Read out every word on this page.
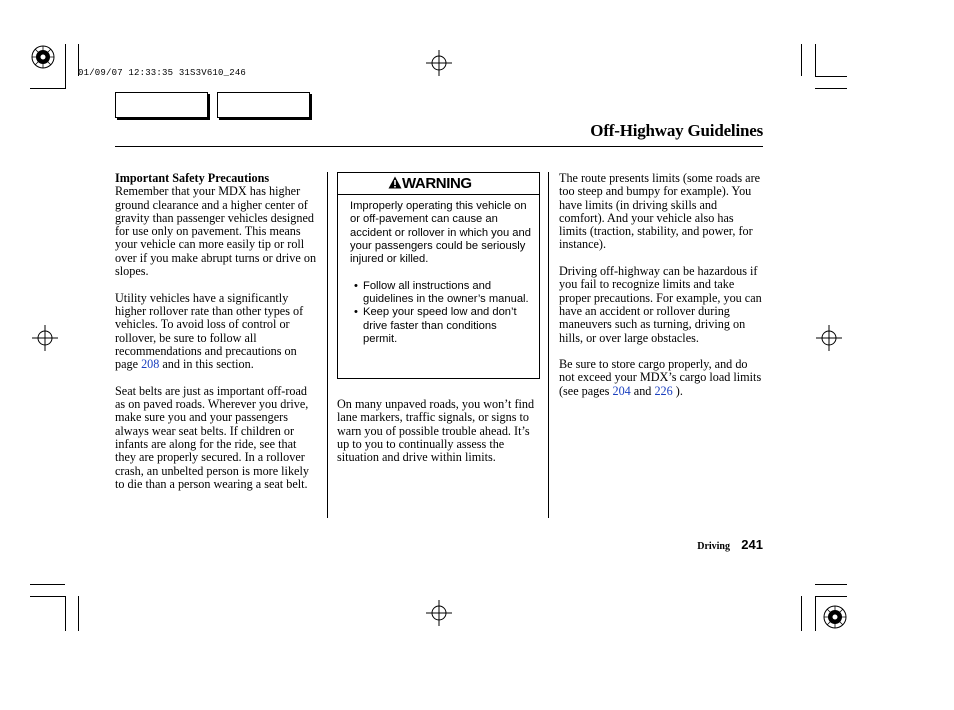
01/09/07 12:33:35 31S3V610_246
Off-Highway Guidelines
Important Safety Precautions

Remember that your MDX has higher ground clearance and a higher center of gravity than passenger vehicles designed for use only on pavement. This means your vehicle can more easily tip or roll over if you make abrupt turns or drive on slopes.

Utility vehicles have a significantly higher rollover rate than other types of vehicles. To avoid loss of control or rollover, be sure to follow all recommendations and precautions on page 208 and in this section.

Seat belts are just as important off-road as on paved roads. Wherever you drive, make sure you and your passengers always wear seat belts. If children or infants are along for the ride, see that they are properly secured. In a rollover crash, an unbelted person is more likely to die than a person wearing a seat belt.

WARNING

Improperly operating this vehicle on or off-pavement can cause an accident or rollover in which you and your passengers could be seriously injured or killed.

• Follow all instructions and guidelines in the owner’s manual.
• Keep your speed low and don’t drive faster than conditions permit.

On many unpaved roads, you won’t find lane markers, traffic signals, or signs to warn you of possible trouble ahead. It’s up to you to continually assess the situation and drive within limits.

The route presents limits (some roads are too steep and bumpy for example). You have limits (in driving skills and comfort). And your vehicle also has limits (traction, stability, and power, for instance).

Driving off-highway can be hazardous if you fail to recognize limits and take proper precautions. For example, you can have an accident or rollover during maneuvers such as turning, driving on hills, or over large obstacles.

Be sure to store cargo properly, and do not exceed your MDX’s cargo load limits (see pages 204 and 226 ).

Driving 241
